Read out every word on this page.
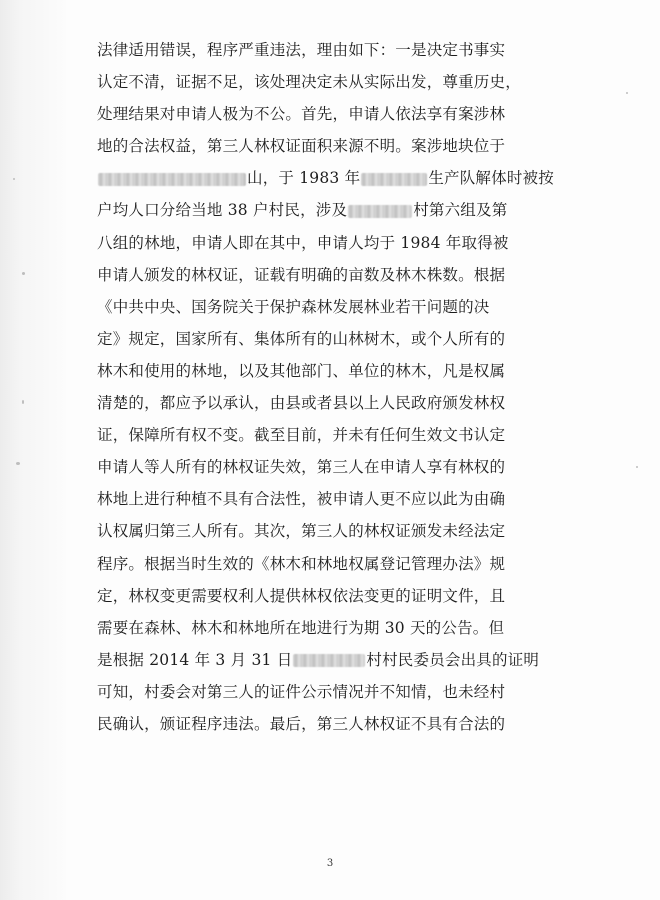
法律适用错误，程序严重违法，理由如下：一是决定书事实
认定不清，证据不足，该处理决定未从实际出发，尊重历史，
处理结果对申请人极为不公。首先，申请人依法享有案涉林
地的合法权益，第三人林权证面积来源不明。案涉地块位于
山，于 1983 年	生产队解体时被按
户均人口分给当地 38 户村民，涉及	村第六组及第
八组的林地，申请人即在其中，申请人均于 1984 年取得被
申请人颁发的林权证，证载有明确的亩数及林木株数。根据
《中共中央、国务院关于保护森林发展林业若干问题的决
定》规定，国家所有、集体所有的山林树木，或个人所有的
林木和使用的林地，以及其他部门、单位的林木，凡是权属
清楚的，都应予以承认，由县或者县以上人民政府颁发林权
证，保障所有权不变。截至目前，并未有任何生效文书认定
申请人等人所有的林权证失效，第三人在申请人享有林权的
林地上进行种植不具有合法性，被申请人更不应以此为由确
认权属归第三人所有。其次，第三人的林权证颁发未经法定
程序。根据当时生效的《林木和林地权属登记管理办法》规
定，林权变更需要权利人提供林权依法变更的证明文件，且
需要在森林、林木和林地所在地进行为期 30 天的公告。但
是根据 2014 年 3 月 31 日	村村民委员会出具的证明
可知，村委会对第三人的证件公示情况并不知情，也未经村
民确认，颁证程序违法。最后，第三人林权证不具有合法的
3
